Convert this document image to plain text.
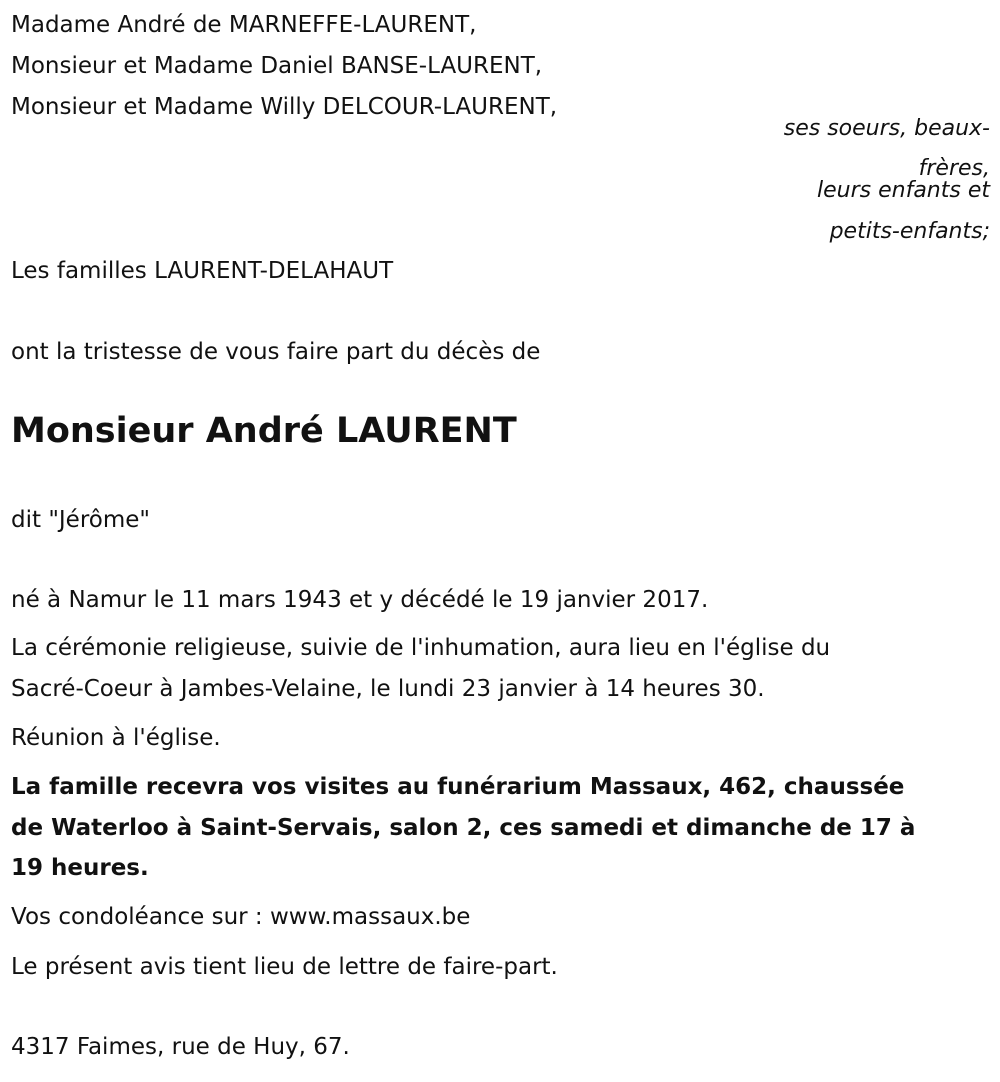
Madame André de MARNEFFE-LAURENT,

Monsieur et Madame Daniel BANSE-LAURENT,

Monsieur et Madame Willy DELCOUR-LAURENT,

ses soeurs, beaux-

frères,

leurs enfants et

petits-enfants;

Les familles LAURENT-DELAHAUT

ont la tristesse de vous faire part du décès de

Monsieur André LAURENT

dit "Jérôme"

né à Namur le 11 mars 1943 et y décédé le 19 janvier 2017.

La cérémonie religieuse, suivie de l'inhumation, aura lieu en l'église du

Sacré-Coeur à Jambes-Velaine, le lundi 23 janvier à 14 heures 30.

Réunion à l'église.

La famille recevra vos visites au funérarium Massaux, 462, chaussée

de Waterloo à Saint-Servais, salon 2, ces samedi et dimanche de 17 à

19 heures.

Vos condoléance sur : www.massaux.be

Le présent avis tient lieu de lettre de faire-part.

4317 Faimes, rue de Huy, 67.
